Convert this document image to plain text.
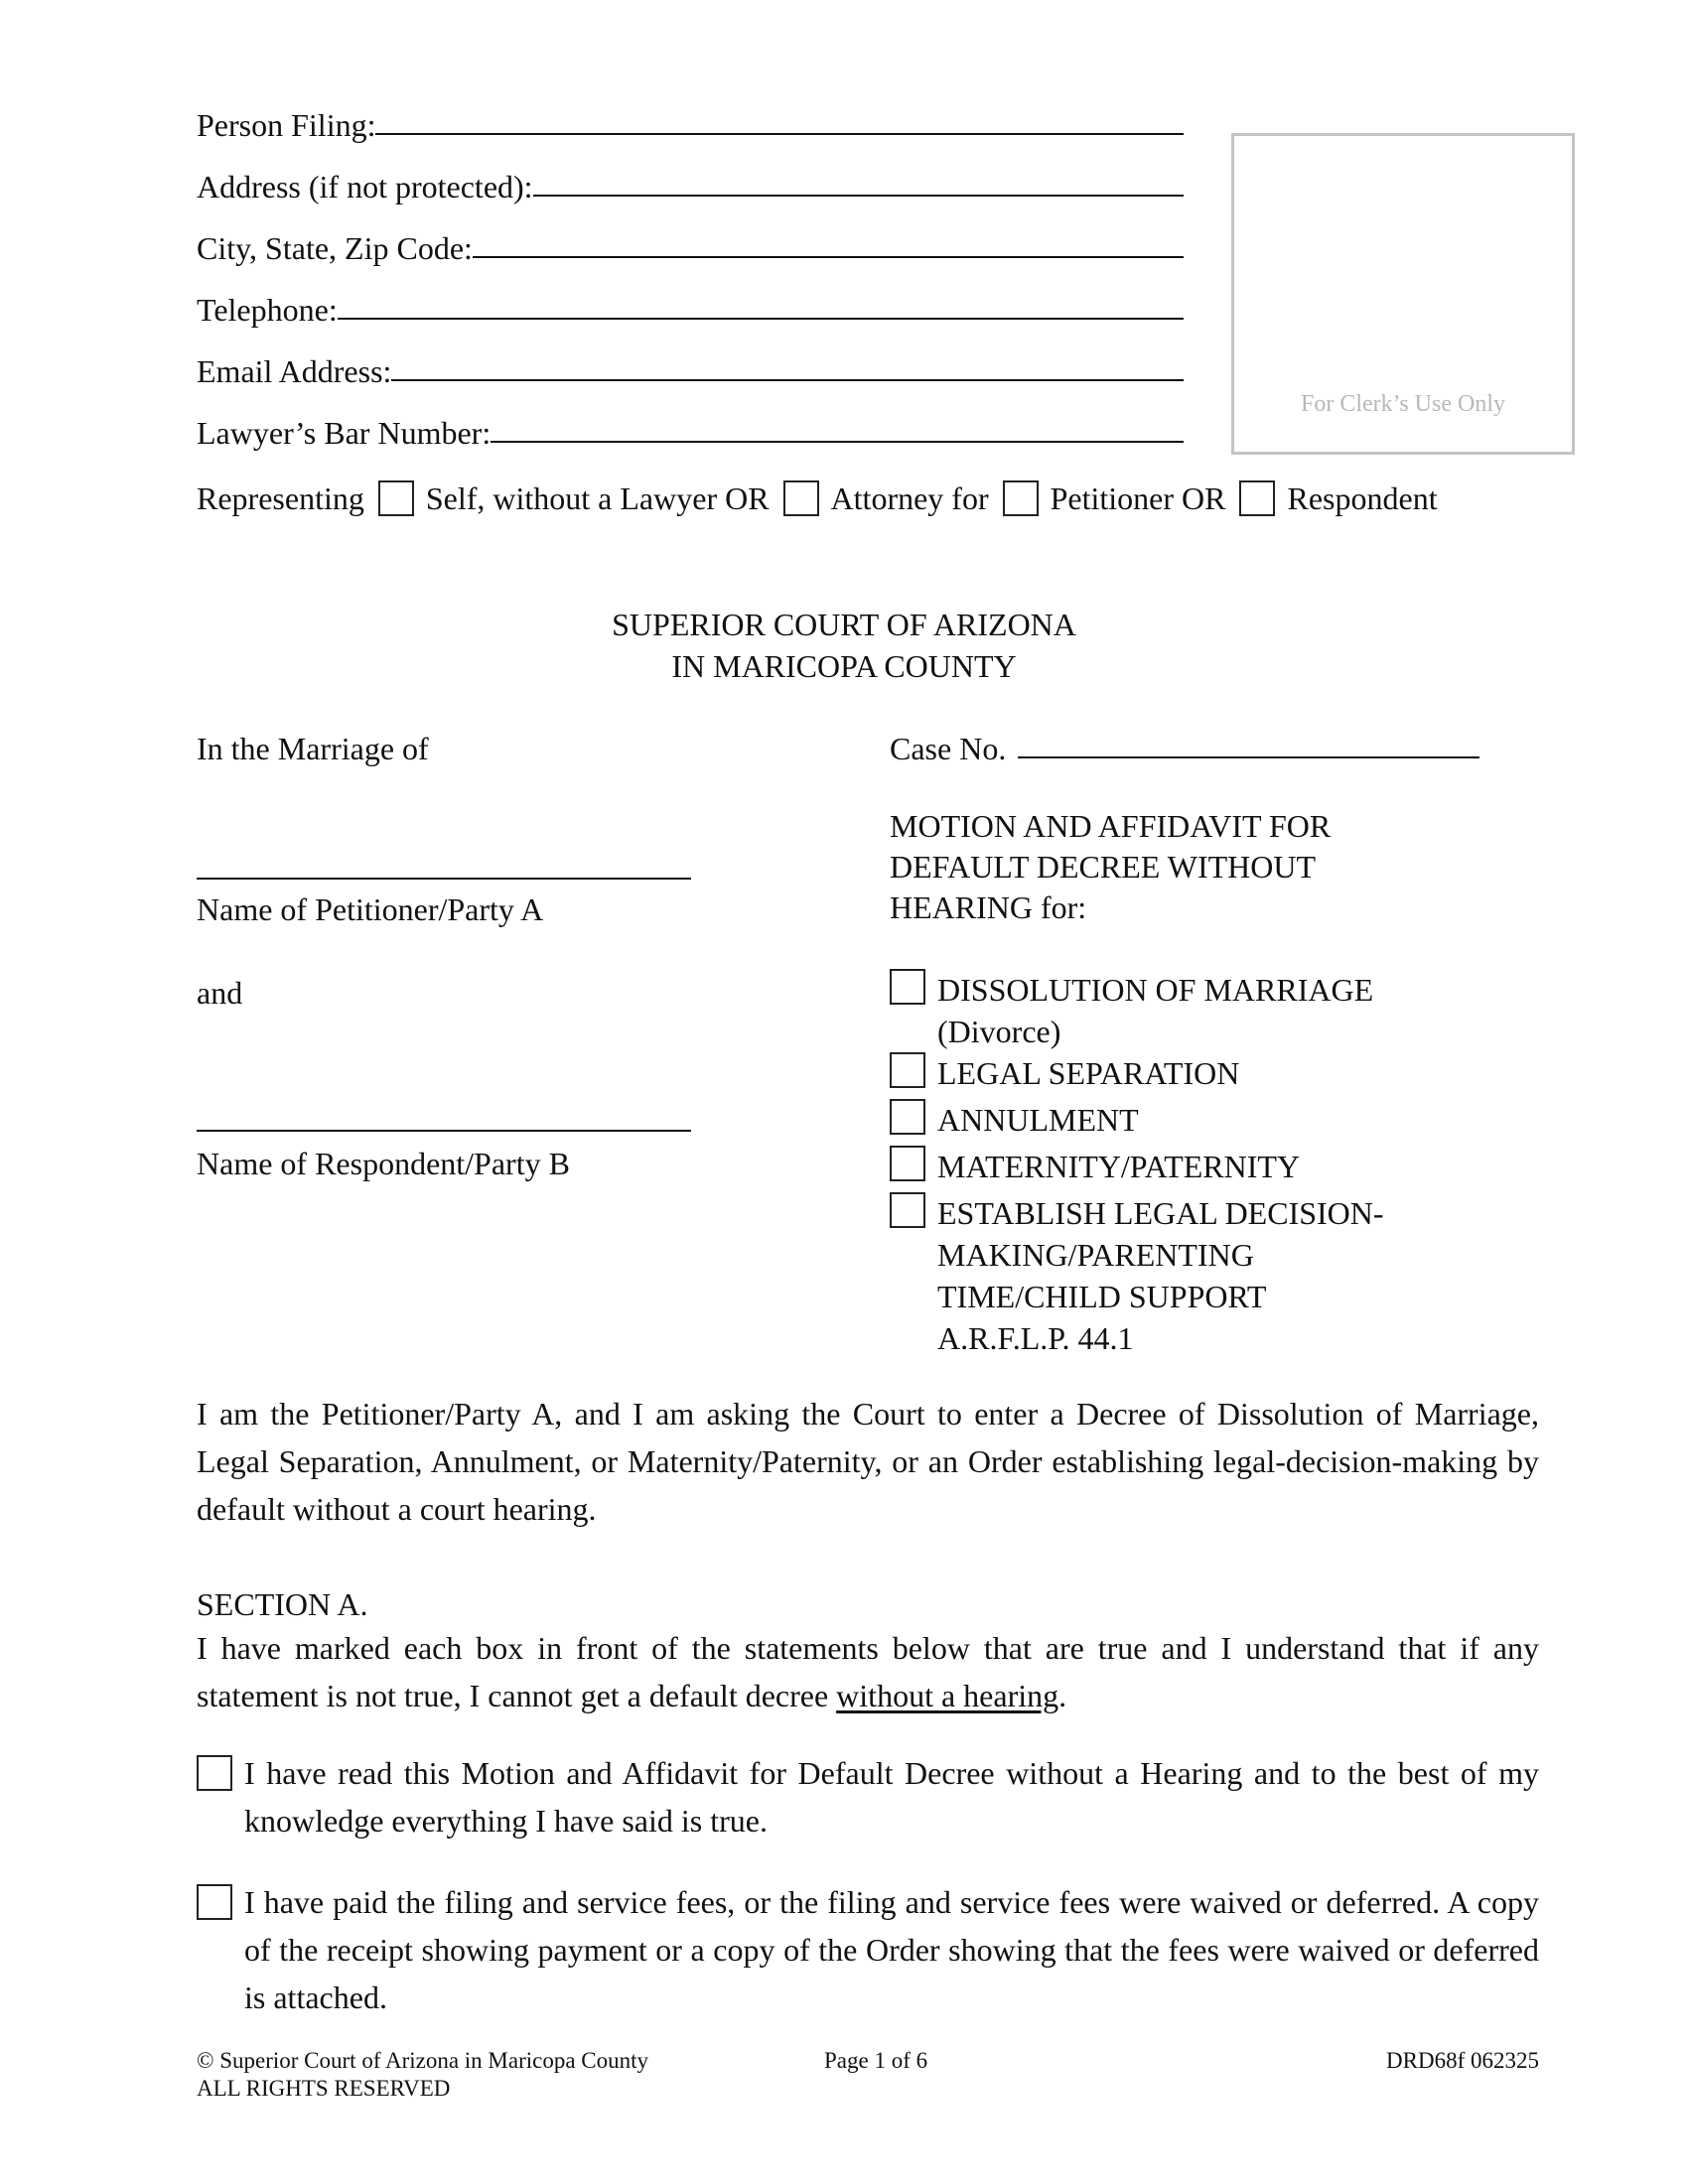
Person Filing:
Address (if not protected):
City, State, Zip Code:
Telephone:
Email Address:
Lawyer’s Bar Number:
For Clerk’s Use Only
Representing Self, without a Lawyer OR Attorney for Petitioner OR Respondent
SUPERIOR COURT OF ARIZONA
IN MARICOPA COUNTY
In the Marriage of
Name of Petitioner/Party A
and
Name of Respondent/Party B
Case No.
MOTION AND AFFIDAVIT FOR
DEFAULT DECREE WITHOUT
HEARING for:
DISSOLUTION OF MARRIAGE
(Divorce)
LEGAL SEPARATION
ANNULMENT
MATERNITY/PATERNITY
ESTABLISH LEGAL DECISION-
MAKING/PARENTING
TIME/CHILD SUPPORT
A.R.F.L.P. 44.1
I am the Petitioner/Party A, and I am asking the Court to enter a Decree of Dissolution of Marriage, Legal Separation, Annulment, or Maternity/Paternity, or an Order establishing legal-decision-making by default without a court hearing.
SECTION A.
I have marked each box in front of the statements below that are true and I understand that if any statement is not true, I cannot get a default decree without a hearing.
I have read this Motion and Affidavit for Default Decree without a Hearing and to the best of my knowledge everything I have said is true.
I have paid the filing and service fees, or the filing and service fees were waived or deferred. A copy of the receipt showing payment or a copy of the Order showing that the fees were waived or deferred is attached.
© Superior Court of Arizona in Maricopa County
ALL RIGHTS RESERVED
Page 1 of 6	DRD68f 062325
